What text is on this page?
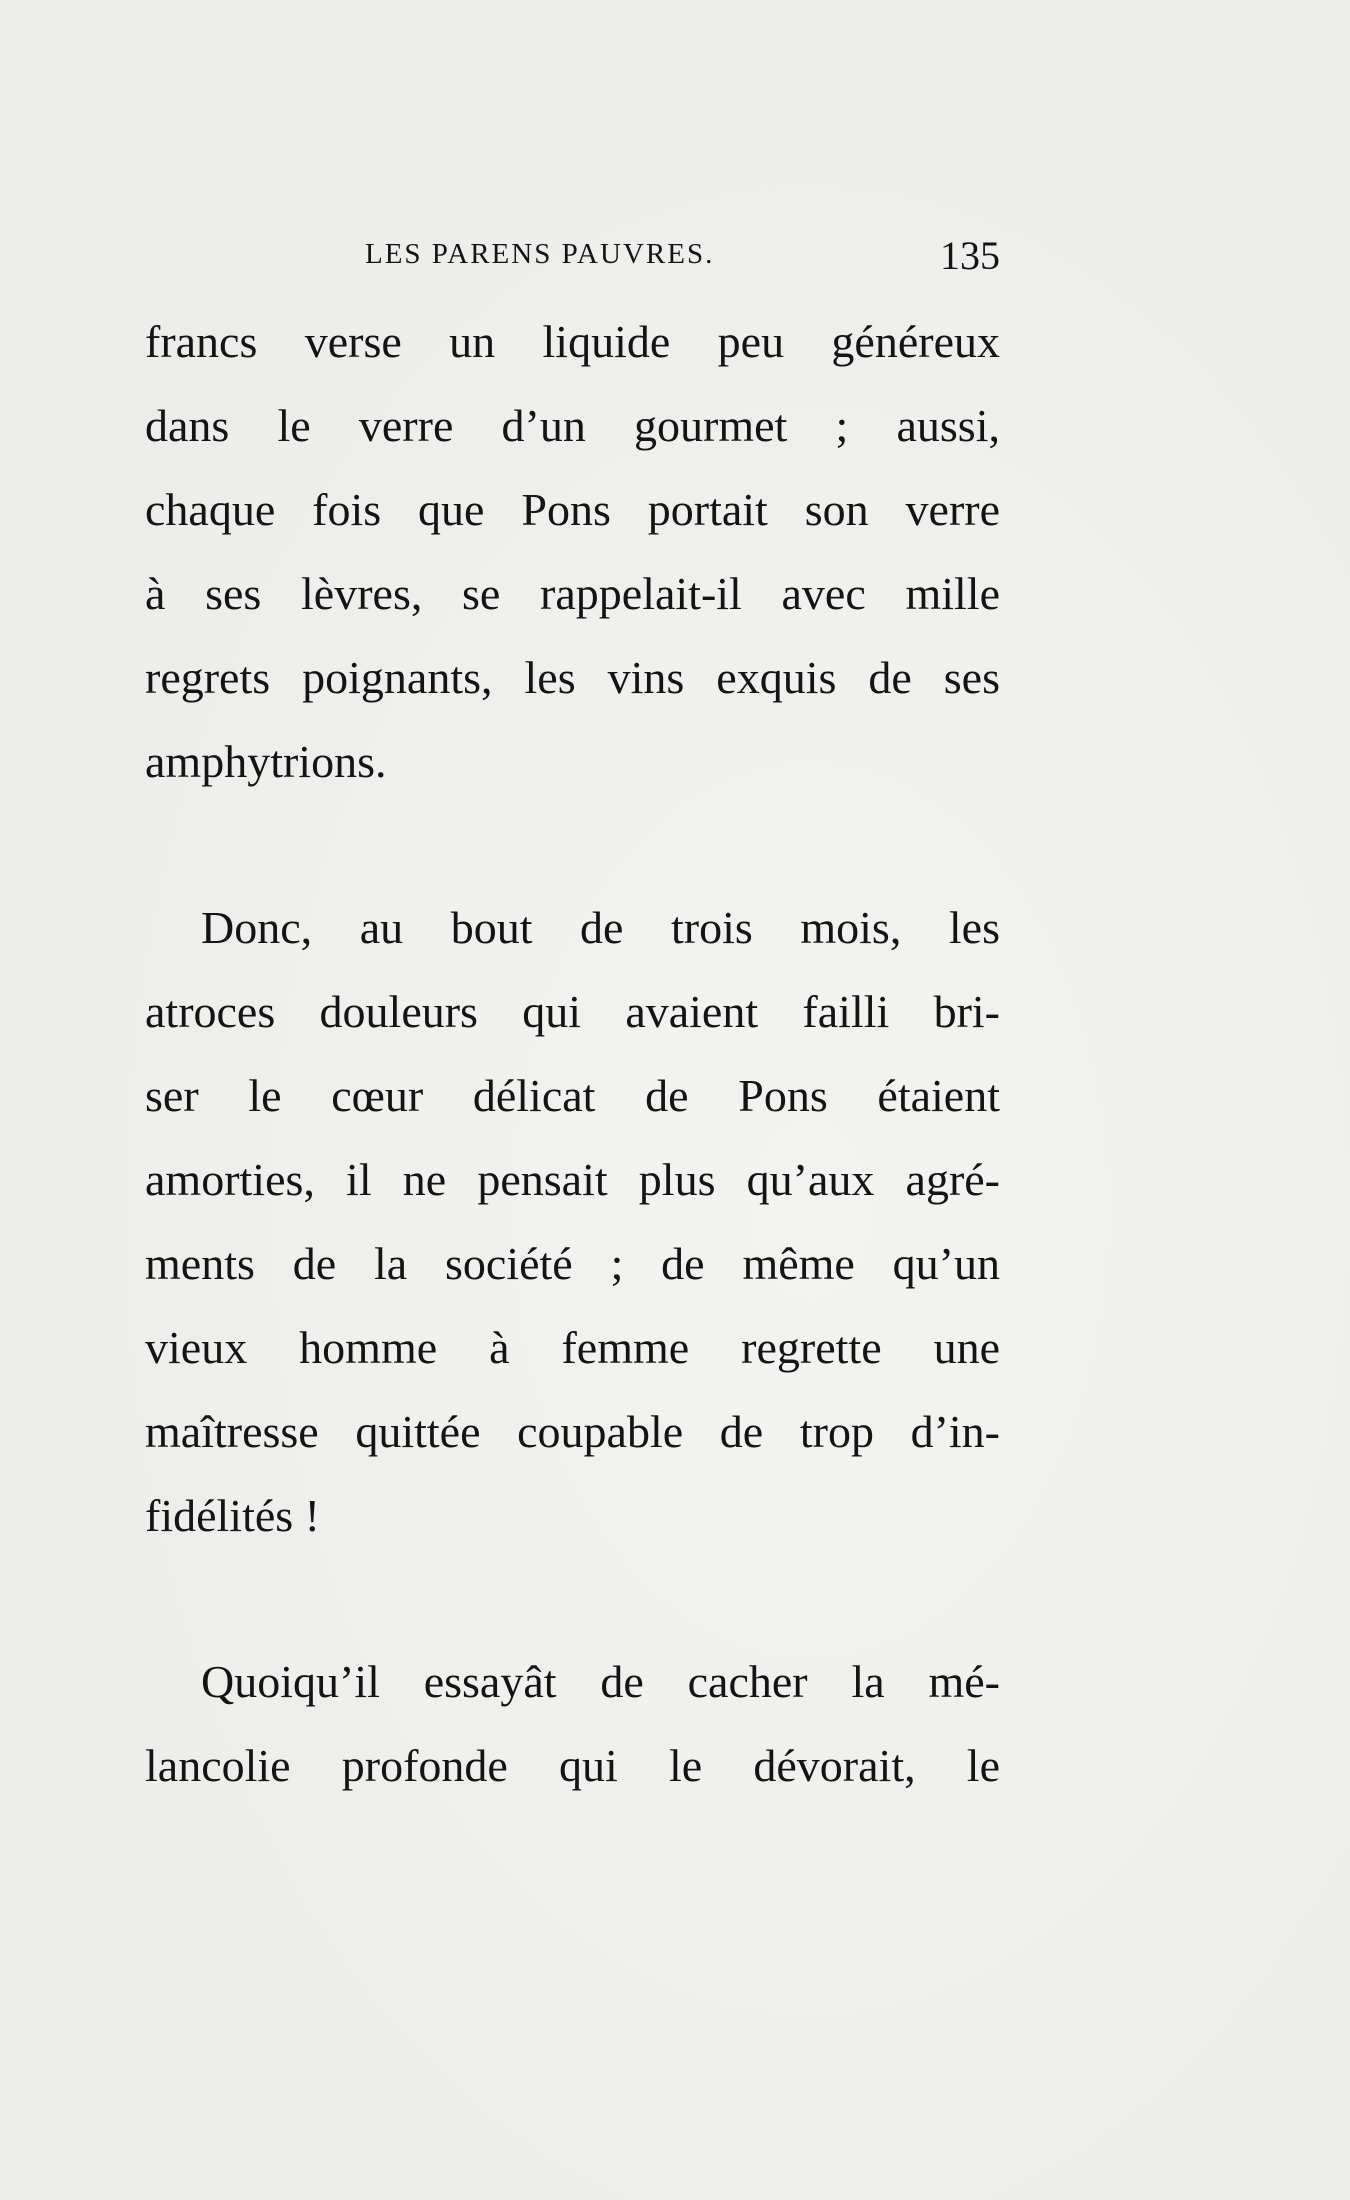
LES PARENS PAUVRES.	135
francs verse un liquide peu généreux
dans le verre d’un gourmet ; aussi,
chaque fois que Pons portait son verre
à ses lèvres, se rappelait-il avec mille
regrets poignants, les vins exquis de ses
amphytrions.
Donc, au bout de trois mois, les
atroces douleurs qui avaient failli bri-
ser le cœur délicat de Pons étaient
amorties, il ne pensait plus qu’aux agré-
ments de la société ; de même qu’un
vieux homme à femme regrette une
maîtresse quittée coupable de trop d’in-
fidélités !
Quoiqu’il essayât de cacher la mé-
lancolie profonde qui le dévorait, le
